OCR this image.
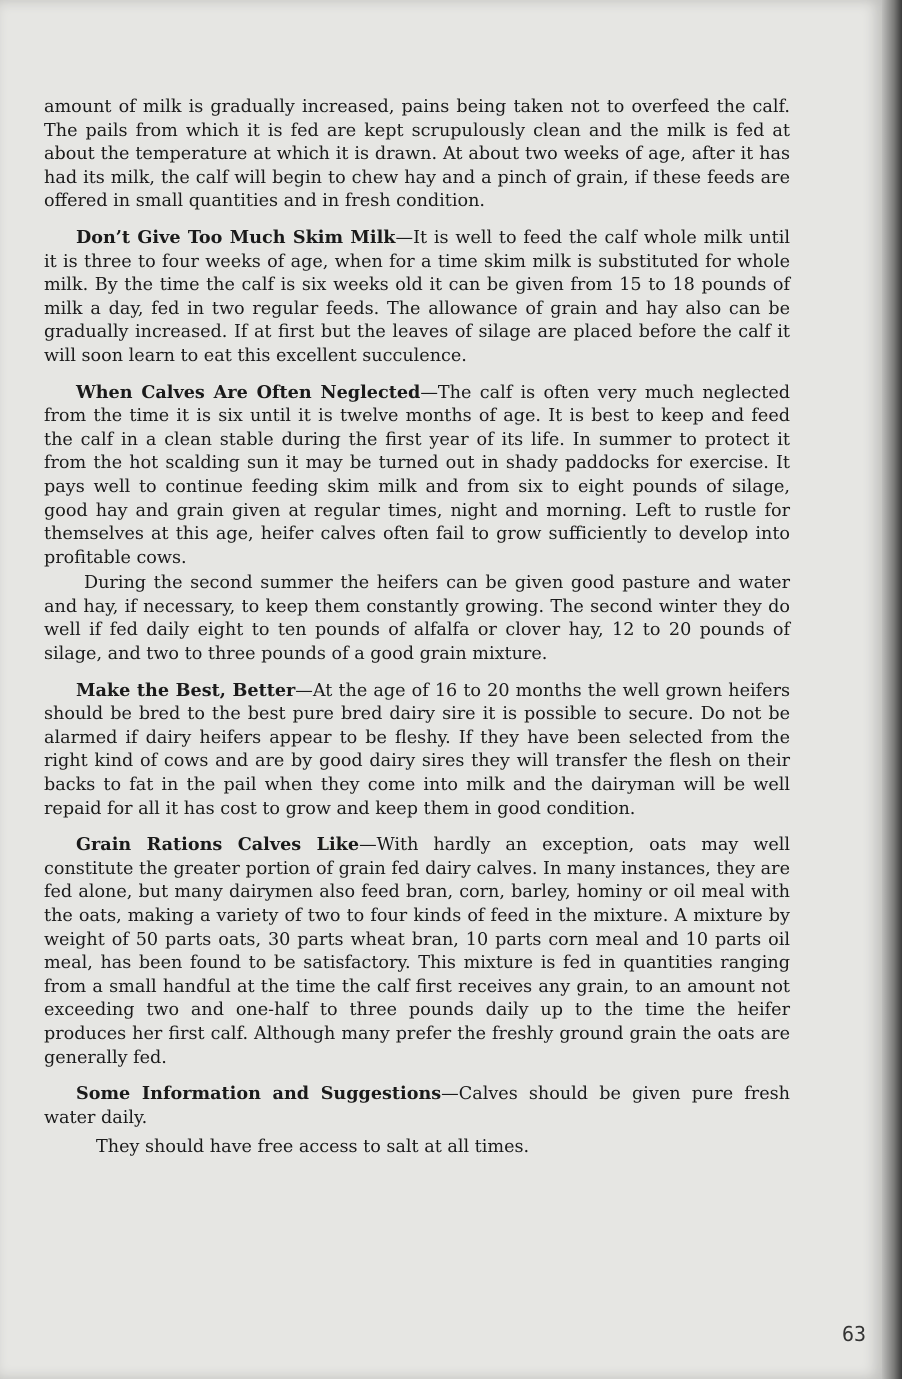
amount of milk is gradually increased, pains being taken not to overfeed the calf. The pails from which it is fed are kept scrupulously clean and the milk is fed at about the temperature at which it is drawn. At about two weeks of age, after it has had its milk, the calf will begin to chew hay and a pinch of grain, if these feeds are offered in small quantities and in fresh condition.

Don’t Give Too Much Skim Milk—It is well to feed the calf whole milk until it is three to four weeks of age, when for a time skim milk is substituted for whole milk. By the time the calf is six weeks old it can be given from 15 to 18 pounds of milk a day, fed in two regular feeds. The allowance of grain and hay also can be gradually increased. If at first but the leaves of silage are placed before the calf it will soon learn to eat this excellent succulence.

When Calves Are Often Neglected—The calf is often very much neglected from the time it is six until it is twelve months of age. It is best to keep and feed the calf in a clean stable during the first year of its life. In summer to protect it from the hot scalding sun it may be turned out in shady paddocks for exercise. It pays well to continue feeding skim milk and from six to eight pounds of silage, good hay and grain given at regular times, night and morning. Left to rustle for themselves at this age, heifer calves often fail to grow sufficiently to develop into profitable cows.

During the second summer the heifers can be given good pasture and water and hay, if necessary, to keep them constantly growing. The second winter they do well if fed daily eight to ten pounds of alfalfa or clover hay, 12 to 20 pounds of silage, and two to three pounds of a good grain mixture.

Make the Best, Better—At the age of 16 to 20 months the well grown heifers should be bred to the best pure bred dairy sire it is possible to secure. Do not be alarmed if dairy heifers appear to be fleshy. If they have been selected from the right kind of cows and are by good dairy sires they will transfer the flesh on their backs to fat in the pail when they come into milk and the dairyman will be well repaid for all it has cost to grow and keep them in good condition.

Grain Rations Calves Like—With hardly an exception, oats may well constitute the greater portion of grain fed dairy calves. In many instances, they are fed alone, but many dairymen also feed bran, corn, barley, hominy or oil meal with the oats, making a variety of two to four kinds of feed in the mixture. A mixture by weight of 50 parts oats, 30 parts wheat bran, 10 parts corn meal and 10 parts oil meal, has been found to be satisfactory. This mixture is fed in quantities ranging from a small handful at the time the calf first receives any grain, to an amount not exceeding two and one-half to three pounds daily up to the time the heifer produces her first calf. Although many prefer the freshly ground grain the oats are generally fed.

Some Information and Suggestions—Calves should be given pure fresh water daily.

They should have free access to salt at all times.

63
